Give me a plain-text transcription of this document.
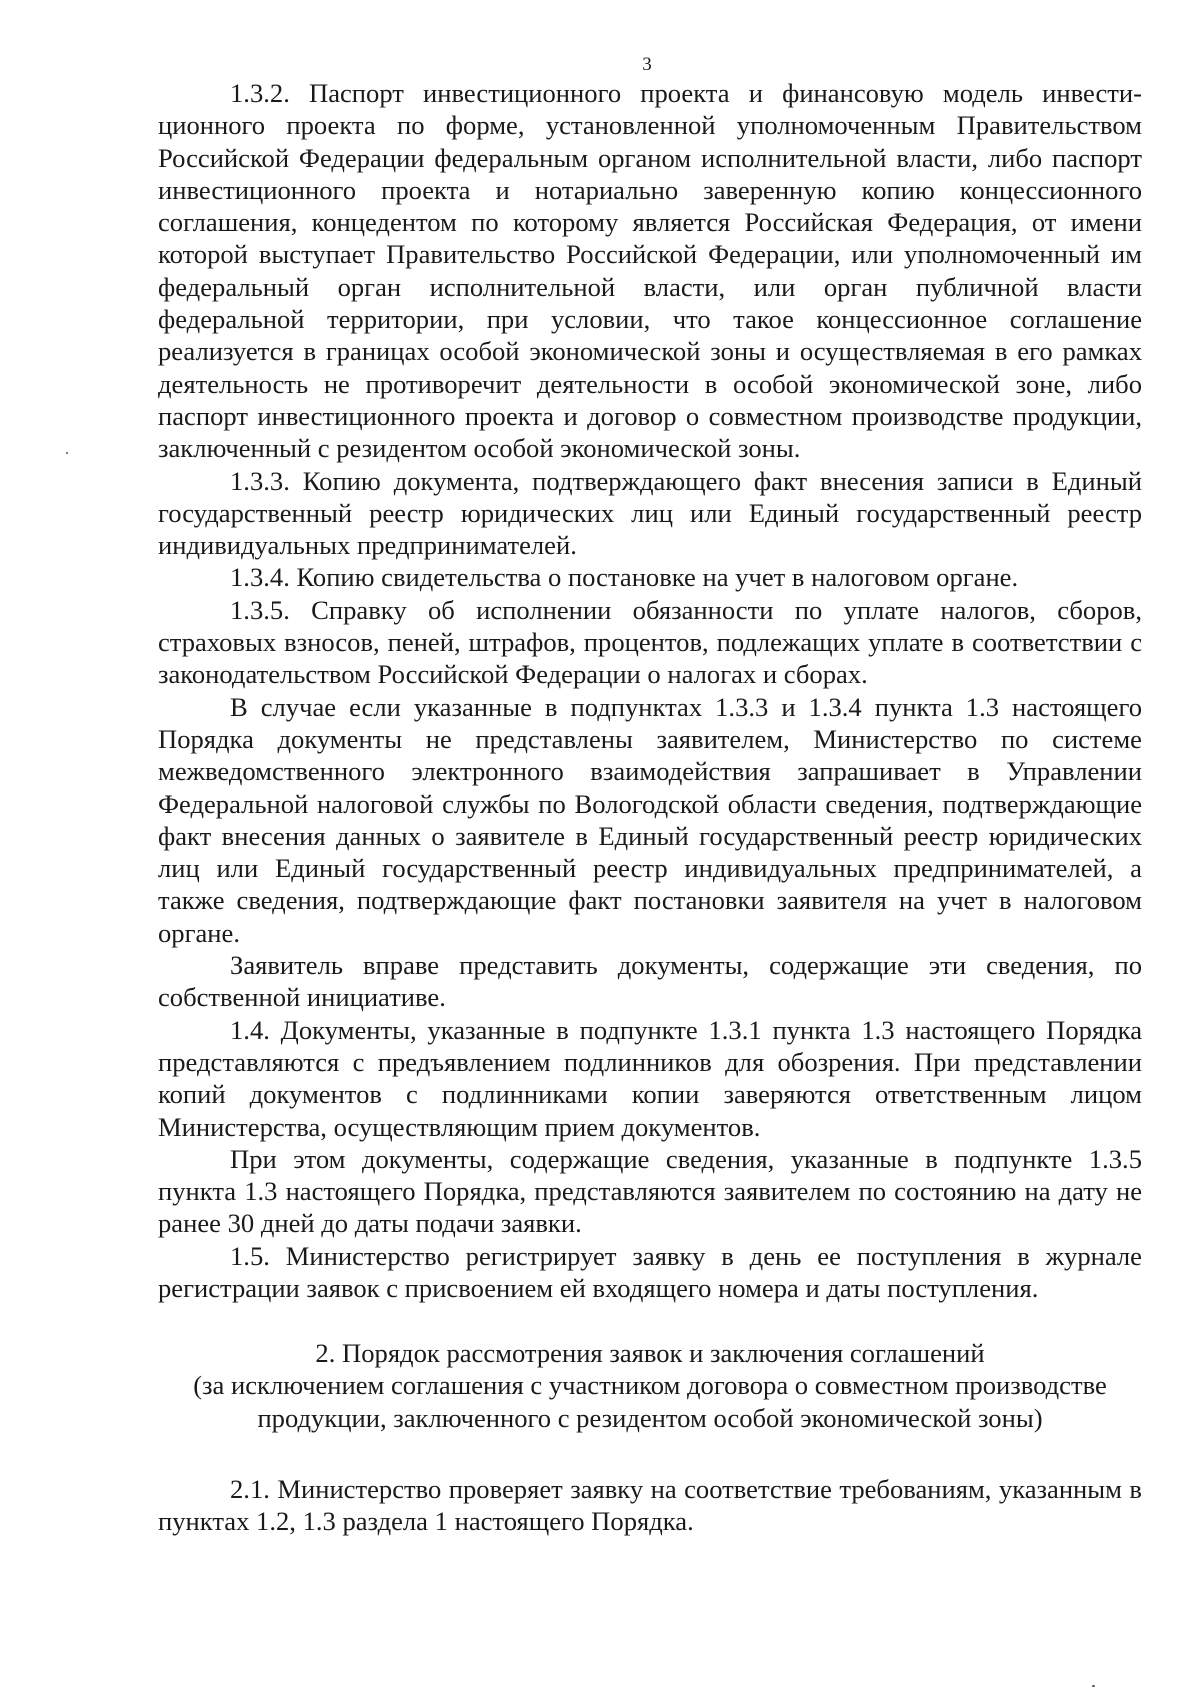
3

1.3.2. Паспорт инвестиционного проекта и финансовую модель инвестиционного проекта по форме, установленной уполномоченным Правительством Российской Федерации федеральным органом исполнительной власти, либо паспорт инвестиционного проекта и нотариально заверенную копию концессионного соглашения, концедентом по которому является Российская Федерация, от имени которой выступает Правительство Российской Федерации, или уполномоченный им федеральный орган исполнительной власти, или орган публичной власти федеральной территории, при условии, что такое концессионное соглашение реализуется в границах особой экономической зоны и осуществляемая в его рамках деятельность не противоречит деятельности в особой экономической зоне, либо паспорт инвестиционного проекта и договор о совместном производстве продукции, заключенный с резидентом особой экономической зоны.

1.3.3. Копию документа, подтверждающего факт внесения записи в Единый государственный реестр юридических лиц или Единый государственный реестр индивидуальных предпринимателей.

1.3.4. Копию свидетельства о постановке на учет в налоговом органе.

1.3.5. Справку об исполнении обязанности по уплате налогов, сборов, страховых взносов, пеней, штрафов, процентов, подлежащих уплате в соответствии с законодательством Российской Федерации о налогах и сборах.

В случае если указанные в подпунктах 1.3.3 и 1.3.4 пункта 1.3 настоящего Порядка документы не представлены заявителем, Министерство по системе межведомственного электронного взаимодействия запрашивает в Управлении Федеральной налоговой службы по Вологодской области сведения, подтверждающие факт внесения данных о заявителе в Единый государственный реестр юридических лиц или Единый государственный реестр индивидуальных предпринимателей, а также сведения, подтверждающие факт постановки заявителя на учет в налоговом органе.

Заявитель вправе представить документы, содержащие эти сведения, по собственной инициативе.

1.4. Документы, указанные в подпункте 1.3.1 пункта 1.3 настоящего Порядка представляются с предъявлением подлинников для обозрения. При представлении копий документов с подлинниками копии заверяются ответственным лицом Министерства, осуществляющим прием документов.

При этом документы, содержащие сведения, указанные в подпункте 1.3.5 пункта 1.3 настоящего Порядка, представляются заявителем по состоянию на дату не ранее 30 дней до даты подачи заявки.

1.5. Министерство регистрирует заявку в день ее поступления в журнале регистрации заявок с присвоением ей входящего номера и даты поступления.

2. Порядок рассмотрения заявок и заключения соглашений
(за исключением соглашения с участником договора о совместном производстве
продукции, заключенного с резидентом особой экономической зоны)

2.1. Министерство проверяет заявку на соответствие требованиям, указанным в пунктах 1.2, 1.3 раздела 1 настоящего Порядка.
